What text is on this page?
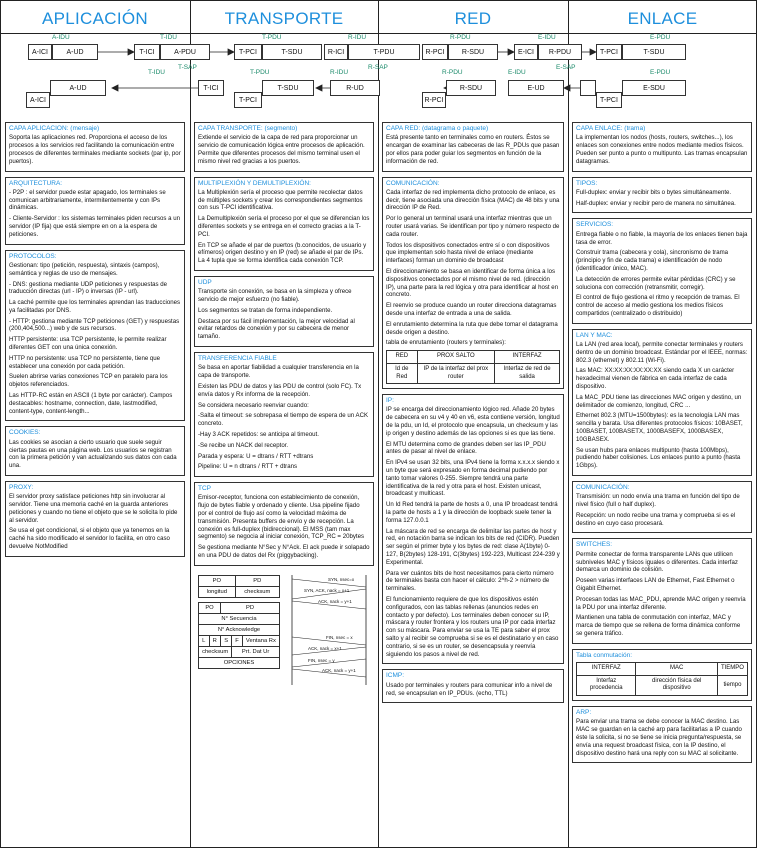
APLICACIÓN	TRANSPORTE	RED	ENLACE
A-IDU	T-IDU	T-PDU	R-IDU	R-PDU	E-IDU	E-PDU
A-ICI	A-UD	T-ICI	A-PDU	T-PCI	T-SDU	R-ICI	T-PDU	R-PCI	R-SDU	E-ICI	R-PDU	T-PCI	T-SDU
T-IDU
T-SAP
T-PDU	R-IDU
R-SAP
R-PDU	E-IDU
E-SAP
E-PDU
A-UD	T-ICI	T-SDU	R-UD	R-SDU	E-UD	E-SDU
T-PCI
R-PCI
A-ICI	T-PCI
CAPA APLICACION: (mensaje)

Soporta las aplicaciones red. Proporciona el acceso de los procesos a los servicios red facilitando la comunicación entre procesos de diferentes terminales mediante sockets (par ip, por puertos).

ARQUITECTURA:

- P2P : el servidor puede estar apagado, los terminales se comunican arbitrariamente, intermitentemente y con IPs dinámicas.

- Cliente-Servidor : los sistemas terminales piden recursos a un servidor (IP fija) que está siempre en on a la espera de peticiones.

PROTOCOLOS:

Gestionan: tipo (petición, respuesta), sintaxis (campos), semántica y reglas de uso de mensajes.

- DNS: gestiona mediante UDP peticiones y respuestas de traducción directas (url - IP) o inversas (IP - url).

La caché permite que los terminales aprendan las traducciones ya facilitadas por DNS.

- HTTP: gestiona mediante TCP peticiones (GET) y respuestas (200,404,500...) web y de sus recursos.

HTTP persistente: usa TCP persistente, le permite realizar diferentes GET con una única conexión.

HTTP no persistente: usa TCP no persistente, tiene que establecer una conexión por cada petición.

Suelen abrirse varias conexiones TCP en paralelo para los objetos referenciados.

Las HTTP-RC están en ASCII (1 byte por carácter). Campos destacables: hostname, connection, date, lastmodified, content-type, content-length...

COOKIES:

Las cookies se asocian a cierto usuario que suele seguir ciertas pautas en una página web. Los usuarios se registran con la primera petición y van actualizando sus datos con cada una.

PROXY:

El servidor proxy satisface peticiones http sin involucrar al servidor. Tiene una memoria caché en la guarda anteriores peticiones y cuando no tiene el objeto que se le solicita lo pide al servidor.

Se usa el get condicional, si el objeto que ya tenemos en la caché ha sido modificado el servidor lo facilita, en otro caso devuelve NotModified

CAPA TRANSPORTE: (segmento)

Extiende el servicio de la capa de red para proporcionar un servicio de comunicación lógica entre procesos de aplicación. Permite que diferentes procesos del mismo terminal usen el mismo nivel red gracias a los puertos.

MULTIPLEXIÓN Y DEMULTIPLEXIÓN:

La Multiplexión sería el proceso que permite recolectar datos de múltiples sockets y crear los correspondientes segmentos con sus T-PCI identificativa.

La Demultiplexión sería el proceso por el que se diferencian los diferentes sockets y se entrega en el correcto gracias a la T-PCI.

En TCP se añade el par de puertos (b.conocidos, de usuario y efímeros) origen destino y en IP (red) se añade el par de IPs. La 4 tupla que se forma identifica cada conexión TCP.

UDP

Transporte sin conexión, se basa en la simpleza y ofrece servicio de mejor esfuerzo (no fiable).

Los segmentos se tratan de forma independiente.

Destaca por su fácil implementación, la mejor velocidad al evitar retardos de conexión y por su cabecera de menor tamaño.

TRANSFERENCIA FIABLE

Se basa en aportar fiabilidad a cualquier transferencia en la capa de transporte.

Existen las PDU de datos y las PDU de control (solo FC). Tx envía datos y Rx informa de la recepción.

Se considera necesario reenviar cuando:

-Salta el timeout: se sobrepasa el tiempo de espera de un ACK concreto.

-Hay 3 ACK repetidos: se anticipa al timeout.

-Se recibe un NACK del receptor.

Parada y espera: U = dtrans / RTT +dtrans

Pipeline: U = n dtrans / RTT + dtrans

TCP

Emisor-receptor, funciona con establecimiento de conexión, flujo de bytes fiable y ordenado y cliente. Usa pipeline fijado por el control de flujo así como la velocidad máxima de transmisión. Presenta buffers de envío y de recepción. La conexión es full-duplex (bidireccional). El MSS (tam max segmento) se negocia al iniciar conexión, TCP_RC = 20bytes

Se gestiona mediante N°Sec y N°Ack. El ack puede ir solapado en una PDU de datos del Rx (piggybacking).

PO	PD
longitud	checksum
PO		PD		
N° Secuencia				
N° Acknowledge				
L	R	S	F	Ventana Rx
checksum			Prt. Dat Ur	
OPCIONES				
SYN, nsec=x
SYN, ACK, nack = x+1
ACK, nack = y+1
FIN, nsec = x
ACK, nack = x+1
FIN, nsec = y
ACK, nack = y+1
CAPA RED: (datagrama o paquete)

Está presente tanto en terminales como en routers. Éstos se encargan de examinar las cabeceras de las R_PDUs que pasan por ellos para poder guiar los segmentos en función de la información de red.

COMUNICACIÓN:

Cada interfaz de red implementa dicho protocolo de enlace, es decir, tiene asociada una dirección física (MAC) de 48 bits y una dirección IP de Red.

Por lo general un terminal usará una interfaz mientras que un router usará varias. Se identifican por tipo y número respecto de cada router.

Todos los dispositivos conectados entre sí o con dispositivos que implementan solo hasta nivel de enlace (mediante interfaces) forman un dominio de broadcast

El direccionamiento se basa en identificar de forma única a los dispositivos conectados por el mismo nivel de red. (dirección IP), una parte para la red lógica y otra para identificar al host en concreto.

El reenvío se produce cuando un router direcciona datagramas desde una interfaz de entrada a una de salida.

El enrutamiento determina la ruta que debe tomar el datagrama desde origen a destino.

tabla de enrutamiento (routers y terminales):

RED	PROX SALTO	INTERFAZ
Id de Red	IP de la interfaz del prox router	Interfaz de red de salida
IP:

IP se encarga del direccionamiento lógico red. Añade 20 bytes de cabecera en su v4 y 40 en v6, esta contiene versión, longitud de la pdu, un Id, el protocolo que encapsula, un checksum y las ip origen y destino además de las opciones si es que las tiene.

El MTU determina como de grandes deben ser las IP_PDU antes de pasar al nivel de enlace.

En IPv4 se usan 32 bits, una IPv4 tiene la forma x.x.x.x siendo x un byte que será expresado en forma decimal pudiendo por tanto tomar valores 0-255. Siempre tendrá una parte identificativa de la red y otra para el host. Existen unicast, broadcast y multicast.

Un Id Red tendrá la parte de hosts a 0, una IP broadcast tendrá la parte de hosts a 1 y la dirección de loopback suele tener la forma 127.0.0.1

La máscara de red se encarga de delimitar las partes de host y red, en notación barra se indican los bits de red (CIDR). Pueden ser según el primer byte y los bytes de red: clase A(1byte) 0-127, B(2bytes) 128-191, C(3bytes) 192-223, Multicast 224-239 y Experimental.

Para ver cuántos bits de host necesitamos para cierto número de terminales basta con hacer el cálculo: 2^h-2 > número de terminales.

El funcionamiento requiere de que los dispositivos estén configurados, con las tablas rellenas (anuncios redes en contacto y por defecto). Los terminales deben conocer su IP, máscara y router frontera y los routers una IP por cada interfaz con su máscara. Para enviar se usa la TE para saber el prox salto y al recibir se comprueba si se es el destinatario y en caso contrario, si se es un router, se desencapsula y reenvía siguiendo los pasos a nivel de red.

ICMP:

Usado por terminales y routers para comunicar info a nivel de red, se encapsulan en IP_PDUs. (echo, TTL)

CAPA ENLACE: (trama)

La implementan los nodos (hosts, routers, switches...), los enlaces son conexiones entre nodos mediante medios físicos. Pueden ser punto a punto o multipunto. Las tramas encapsulan datagramas.

TIPOS:

Full-duplex: enviar y recibir bits o bytes simultáneamente.

Half-duplex: enviar y recibir pero de manera no simultánea.

SERVICIOS:

Entrega fiable o no fiable, la mayoría de los enlaces tienen baja tasa de error.

Construir trama (cabecera y cola), sincronismo de trama (principio y fin de cada trama) e identificación de nodo (identificador único, MAC).

La detección de errores permite evitar pérdidas (CRC) y se soluciona con corrección (retransmitir, corregir).

El control de flujo gestiona el ritmo y recepción de tramas. El control de acceso al medio gestiona los medios físicos compartidos (centralizado o distribuido)

LAN Y MAC:

La LAN (red area local), permite conectar terminales y routers dentro de un dominio broadcast. Estándar por el IEEE, normas: 802.3 (ethernet) y 802.11 (Wi-Fi).

Las MAC: XX:XX:XX:XX:XX:XX siendo cada X un carácter hexadecimal vienen de fábrica en cada interfaz de cada dispositivo.

La MAC_PDU tiene las direcciones MAC origen y destino, un delimitador de comienzo, longitud, CRC ...

Ethernet 802.3 (MTU=1500bytes): es la tecnología LAN mas sencilla y barata. Usa diferentes protocolos físicos: 10BASET, 100BASET, 100BASETX, 1000BASEFX, 1000BASEX, 10GBASEX.

Se usan hubs para enlaces multipunto (hasta 100Mbps), pudiendo haber colisiones. Los enlaces punto a punto (hasta 1Gbps).

COMUNICACIÓN:

Transmisión: un nodo envía una trama en función del tipo de nivel físico (full o half duplex).

Recepción: un nodo recibe una trama y comprueba si es el destino en cuyo caso procesará.

SWITCHES:

Permite conectar de forma transparente LANs que utilicen subniveles MAC y físicos iguales o diferentes. Cada interfaz demarca un dominio de colisión.

Poseen varias interfaces LAN de Ethernet, Fast Ethernet o Gigabit Ethernet.

Procesan todas las MAC_PDU, aprende MAC origen y reenvía la PDU por una interfaz diferente.

Mantienen una tabla de conmutación con interfaz, MAC y marca de tiempo que se rellena de forma dinámica conforme se genera tráfico.

Tabla conmutación:
INTERFAZ	MAC	TIEMPO
Interfaz procedencia	dirección física del dispositivo	tiempo
ARP:

Para enviar una trama se debe conocer la MAC destino. Las MAC se guardan en la caché arp para facilitarlas a IP cuando éste la solicita, si no se tiene se inicia pregunta/respuesta, se envía una request broadcast física, con la IP destino, el dispositivo destino hará una reply con su MAC al solicitante.
